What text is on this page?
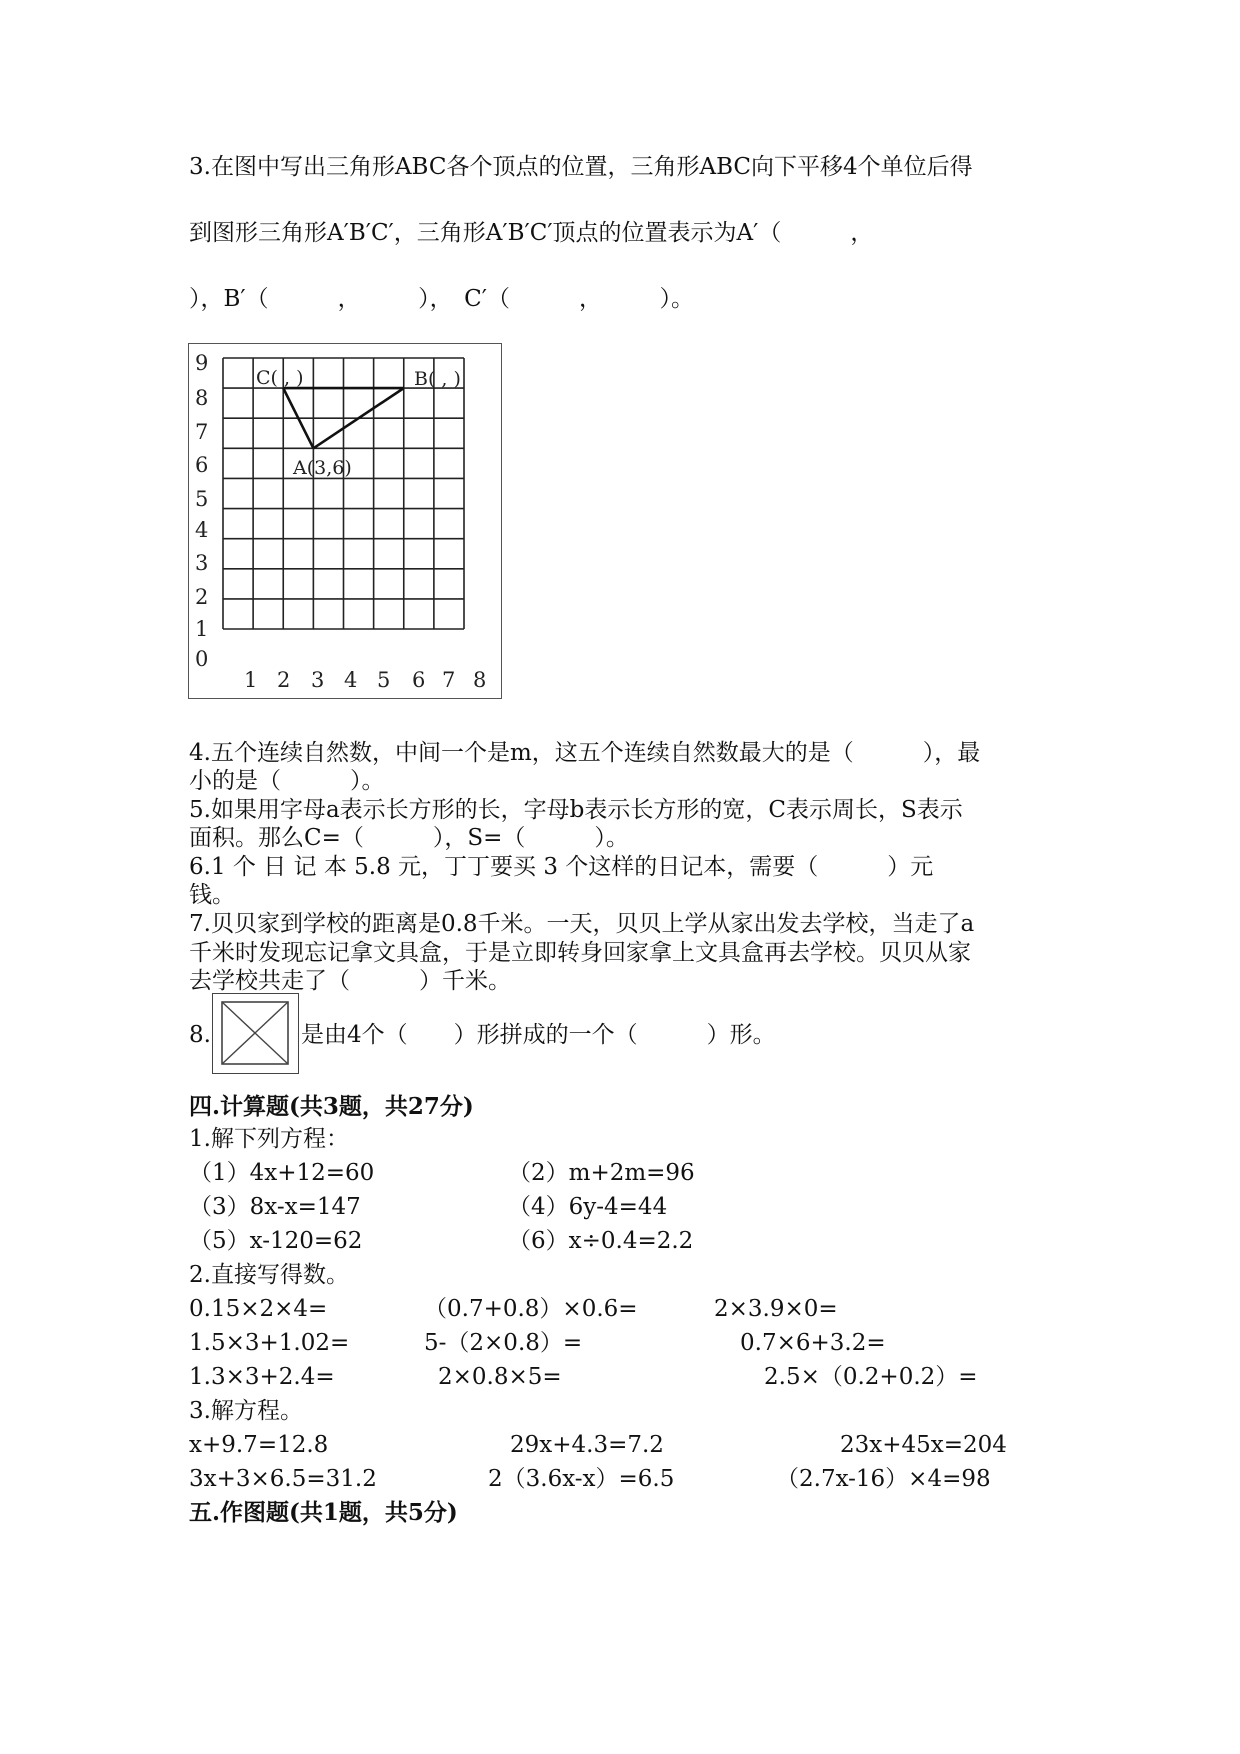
3.在图中写出三角形ABC各个顶点的位置，三角形ABC向下平移4个单位后得
到图形三角形A′B′C′，三角形A′B′C′顶点的位置表示为A′（　　　，
），B′（　　　，　　　），　C′（　　　，　　　）。
0
1
2
3
4
5
6
7
8
9
1 2 3 4 5 6 7 8
C( , )	B( , )
A(3,6)
4.五个连续自然数，中间一个是m，这五个连续自然数最大的是（　　　），最
小的是（　　　）。
5.如果用字母a表示长方形的长，字母b表示长方形的宽，C表示周长，S表示
面积。那么C=（　　　），S=（　　　）。
6.1 个 日 记 本 5.8 元，丁丁要买 3 个这样的日记本，需要（　　　）元
钱。
7.贝贝家到学校的距离是0.8千米。一天，贝贝上学从家出发去学校，当走了a
千米时发现忘记拿文具盒，于是立即转身回家拿上文具盒再去学校。贝贝从家
去学校共走了（　　　）千米。
8.	是由4个（　　）形拼成的一个（　　　）形。
四.计算题(共3题，共27分)
1.解下列方程：
（1）4x+12=60	（2）m+2m=96
（3）8x-x=147	（4）6y-4=44
（5）x-120=62	（6）x÷0.4=2.2
2.直接写得数。
0.15×2×4=	（0.7+0.8）×0.6=	2×3.9×0=
1.5×3+1.02=	5-（2×0.8）=	0.7×6+3.2=
1.3×3+2.4=	2×0.8×5=	2.5×（0.2+0.2）=
3.解方程。
x+9.7=12.8	29x+4.3=7.2	23x+45x=204
3x+3×6.5=31.2	2（3.6x-x）=6.5	（2.7x-16）×4=98
五.作图题(共1题，共5分)
